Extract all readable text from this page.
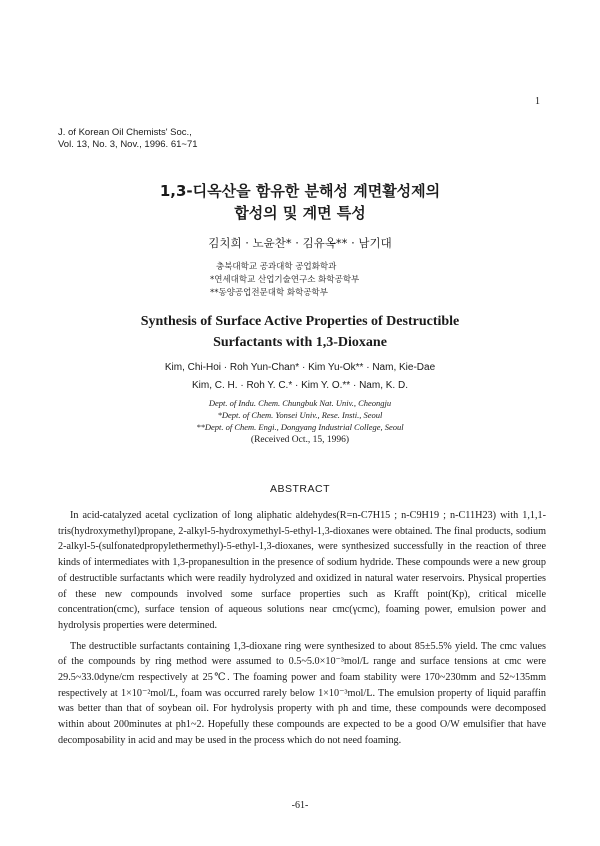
1
J. of Korean Oil Chemists' Soc.,
Vol. 13, No. 3, Nov., 1996. 61~71
1,3-디옥산을 함유한 분해성 계면활성제의
합성의 및 계면 특성
김치희 · 노윤찬* · 김유옥** · 남기대
충북대학교 공과대학 공업화학과
*연세대학교 산업기술연구소 화학공학부
**동양공업전문대학 화학공학부
Synthesis of Surface Active Properties of Destructible
Surfactants with 1,3-Dioxane
Kim, Chi-Hoi · Roh Yun-Chan* · Kim Yu-Ok** · Nam, Kie-Dae
Kim, C. H. · Roh Y. C.* · Kim Y. O.** · Nam, K. D.
Dept. of Indu. Chem. Chungbuk Nat. Univ., Cheongju
*Dept. of Chem. Yonsei Univ., Rese. Insti., Seoul
**Dept. of Chem. Engi., Dongyang Industrial College, Seoul
(Received Oct., 15, 1996)
ABSTRACT

In acid-catalyzed acetal cyclization of long aliphatic aldehydes(R=n-C7H15 ; n-C9H19 ; n-C11H23) with 1,1,1-tris(hydroxymethyl)propane, 2-alkyl-5-hydroxymethyl-5-ethyl-1,3-dioxanes were obtained. The final products, sodium 2-alkyl-5-(sulfonatedpropylethermethyl)-5-ethyl-1,3-dioxanes, were synthesized successfully in the reaction of three kinds of intermediates with 1,3-propanesultion in the presence of sodium hydride. These compounds were a new group of destructible surfactants which were readily hydrolyzed and oxidized in natural water reservoirs. Physical properties of these new compounds involved some surface properties such as Krafft point(Kp), critical micelle concentration(cmc), surface tension of aqueous solutions near cmc(γcmc), foaming power, emulsion power and hydrolysis properties were determined.

The destructible surfactants containing 1,3-dioxane ring were synthesized to about 85±5.5% yield. The cmc values of the compounds by ring method were assumed to 0.5~5.0×10⁻³mol/L range and surface tensions at cmc were 29.5~33.0dyne/cm respectively at 25℃. The foaming power and foam stability were 170~230mm and 52~135mm respectively at 1×10⁻²mol/L, foam was occurred rarely below 1×10⁻³mol/L. The emulsion property of liquid paraffin was better than that of soybean oil. For hydrolysis property with ph and time, these compounds were decomposed within about 200minutes at ph1~2. Hopefully these compounds are expected to be a good O/W emulsifier that have decomposability in acid and may be used in the process which do not need foaming.

-61-
